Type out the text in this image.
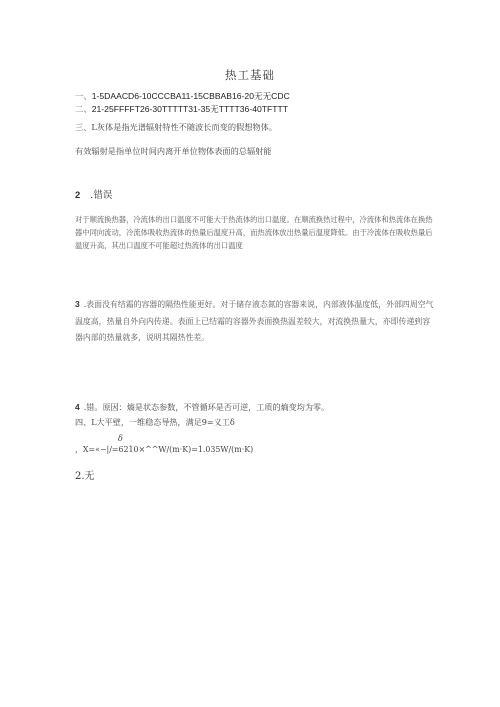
热工基础
一、1-5DAACD6-10CCCBA11-15CBBAB16-20无无CDC
二、21-25FFFFT26-30TTTTT31-35无TTTT36-40TFTTT
三、L灰体是指光谱辐射特性不随波长而变的假想物体。
有效辐射是指单位时间内离开单位物体表面的总辐射能
2 .错误
对于顺流换热器，冷流体的出口温度不可能大于热流体的出口温度。在顺流换热过程中，冷流体和热流体在换热器中同向流动，冷流体吸收热流体的热量后温度升高，而热流体放出热量后温度降低。由于冷流体在吸收热量后温度升高，其出口温度不可能超过热流体的出口温度
3 .表面没有结霜的容器的隔热性能更好。对于储存液态氮的容器来说，内部液体温度低，外部四周空气温度高，热量自外向内传递。表面上已结霜的容器外表面换热温差较大，对流换热量大，亦即传递到容器内部的热量就多，说明其隔热性差。
4 .错。原因：熵是状态参数，不管循环是否可逆，工质的熵变均为零。
四、L大平壁，一维稳态导热，满足9=义工δ
δ
，X=«−|/=6210×^^W/(m·K)=1.035W/(m·K)
2.无
